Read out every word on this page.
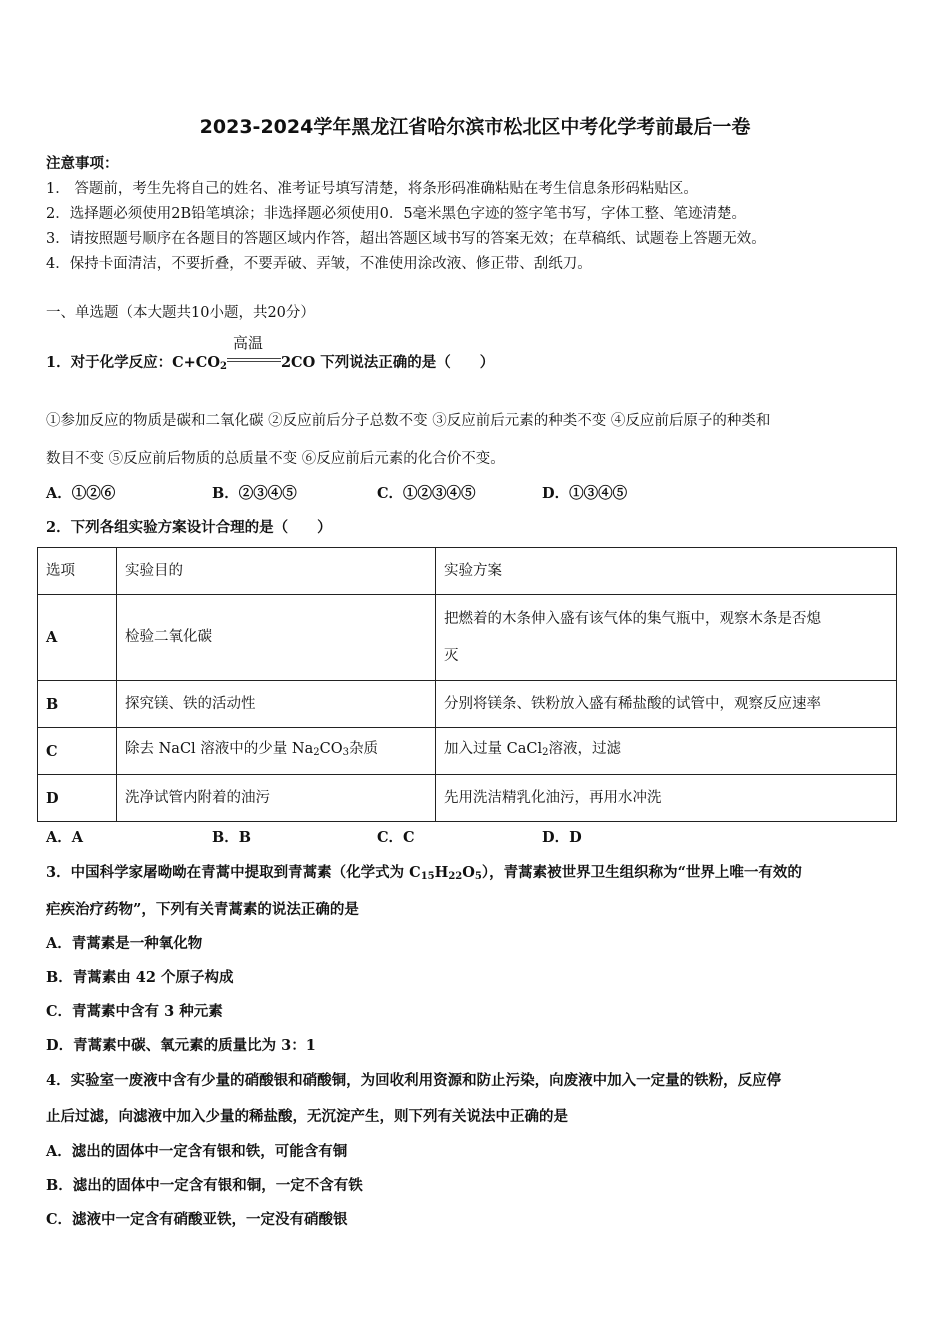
2023-2024学年黑龙江省哈尔滨市松北区中考化学考前最后一卷
注意事项：
1． 答题前，考生先将自己的姓名、准考证号填写清楚，将条形码准确粘贴在考生信息条形码粘贴区。
2．选择题必须使用2B铅笔填涂；非选择题必须使用0．5毫米黑色字迹的签字笔书写，字体工整、笔迹清楚。
3．请按照题号顺序在各题目的答题区域内作答，超出答题区域书写的答案无效；在草稿纸、试题卷上答题无效。
4．保持卡面清洁，不要折叠，不要弄破、弄皱，不准使用涂改液、修正带、刮纸刀。
一、单选题（本大题共10小题，共20分）
1．对于化学反应：$C+CO_2$
高温
2CO 下列说法正确的是（　　）
①参加反应的物质是碳和二氧化碳 ②反应前后分子总数不变 ③反应前后元素的种类不变 ④反应前后原子的种类和
数目不变 ⑤反应前后物质的总质量不变 ⑥反应前后元素的化合价不变。
A．①②⑥	B．②③④⑤	C．①②③④⑤	D．①③④⑤
2．下列各组实验方案设计合理的是（　　）
选项	实验目的	实验方案
A	检验二氧化碳	把燃着的木条伸入盛有该气体的集气瓶中，观察木条是否熄
灭

B	探究镁、铁的活动性	分别将镁条、铁粉放入盛有稀盐酸的试管中，观察反应速率
C	除去 NaCl 溶液中的少量 $Na_2CO_3$杂质	加入过量 CaCl$_2$溶液，过滤
D	洗净试管内附着的油污	先用洗洁精乳化油污，再用水冲洗
A．A	B．B	C．C	D．D
3．中国科学家屠呦呦在青蒿中提取到青蒿素（化学式为 $C_{15}H_{22}O_5$），青蒿素被世界卫生组织称为“世界上唯一有效的
疟疾治疗药物”，下列有关青蒿素的说法正确的是
A．青蒿素是一种氧化物
B．青蒿素由 42 个原子构成
C．青蒿素中含有 3 种元素
D．青蒿素中碳、氧元素的质量比为 3：1
4．实验室一废液中含有少量的硝酸银和硝酸铜，为回收利用资源和防止污染，向废液中加入一定量的铁粉，反应停
止后过滤，向滤液中加入少量的稀盐酸，无沉淀产生，则下列有关说法中正确的是
A．滤出的固体中一定含有银和铁，可能含有铜
B．滤出的固体中一定含有银和铜，一定不含有铁
C．滤液中一定含有硝酸亚铁，一定没有硝酸银
